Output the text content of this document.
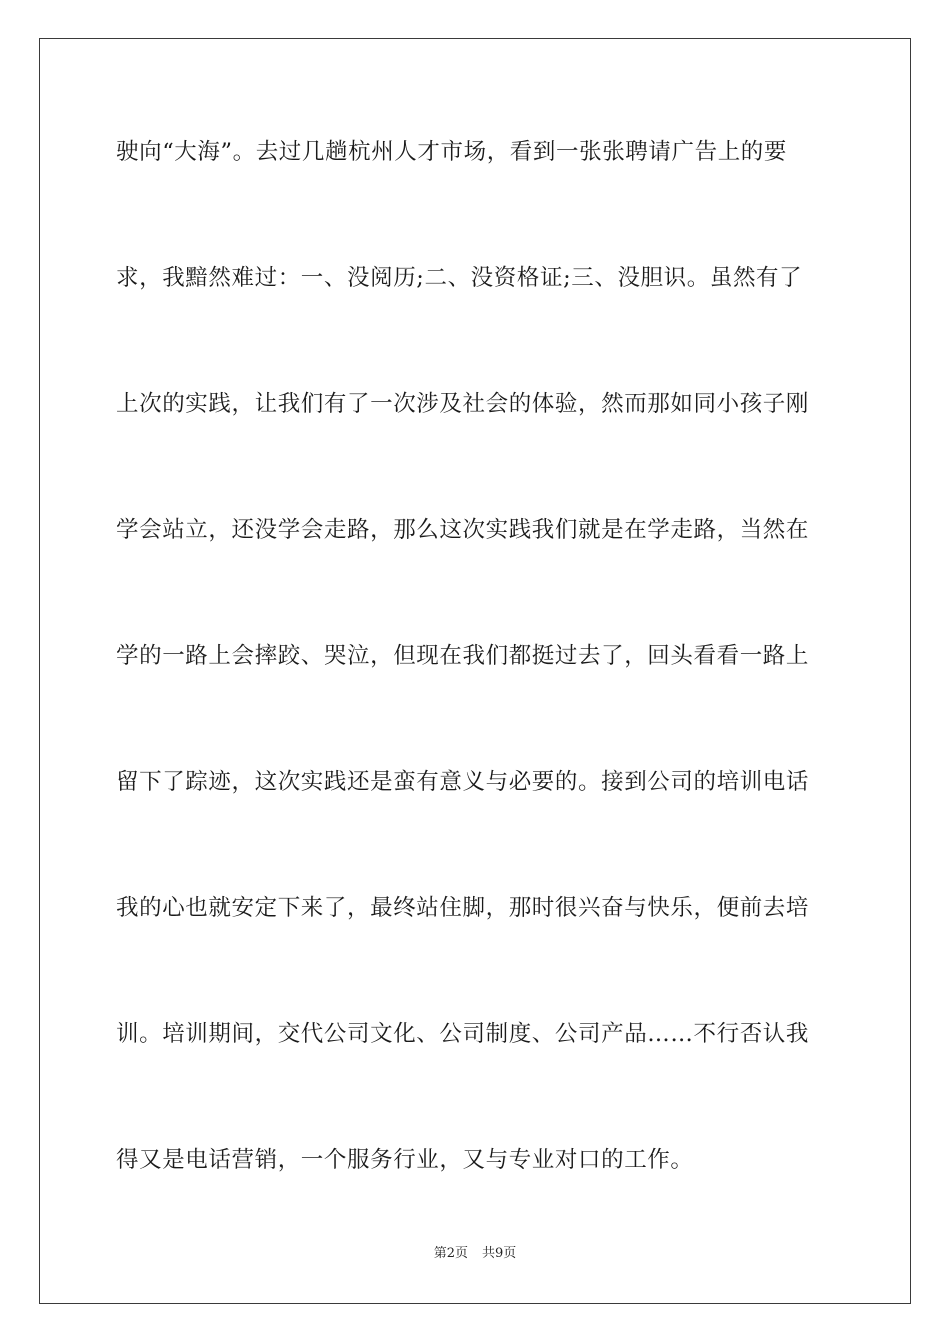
驶向“大海”。去过几趟杭州人才市场，看到一张张聘请广告上的要
求，我黯然难过：一、没阅历;二、没资格证;三、没胆识。虽然有了
上次的实践，让我们有了一次涉及社会的体验，然而那如同小孩子刚
学会站立，还没学会走路，那么这次实践我们就是在学走路，当然在
学的一路上会摔跤、哭泣，但现在我们都挺过去了，回头看看一路上
留下了踪迹，这次实践还是蛮有意义与必要的。接到公司的培训电话
我的心也就安定下来了，最终站住脚，那时很兴奋与快乐，便前去培
训。培训期间，交代公司文化、公司制度、公司产品……不行否认我
得又是电话营销，一个服务行业，又与专业对口的工作。
第2页 共9页
